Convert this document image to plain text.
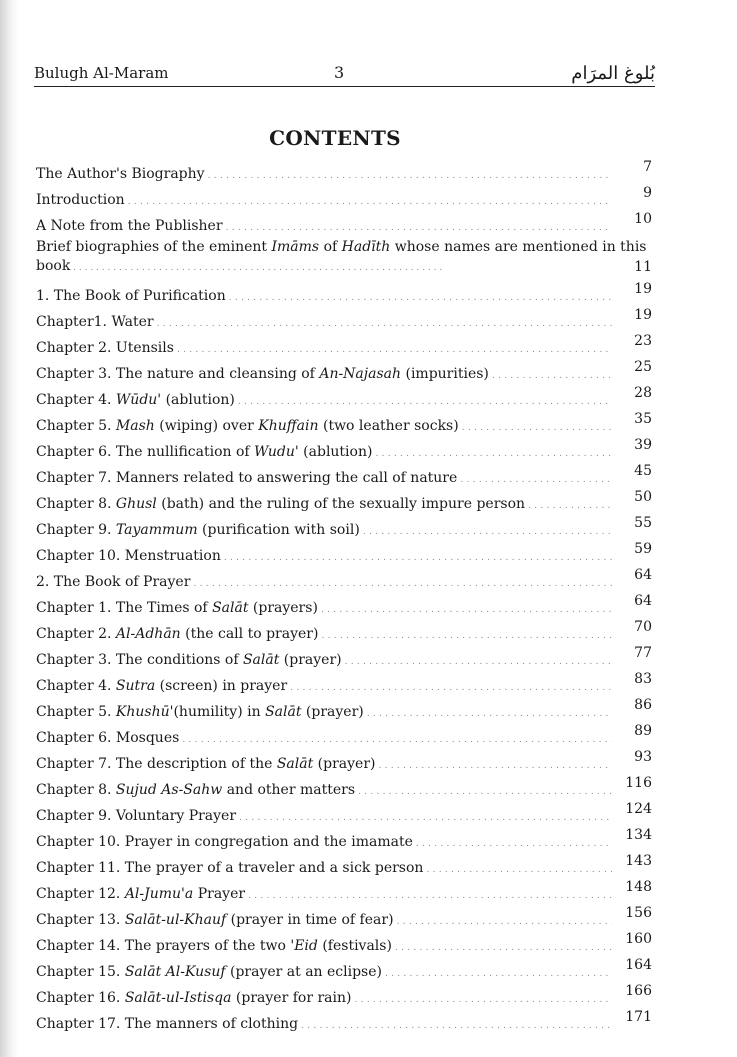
Bulugh Al-Maram	3	بُلوغ المرَام
CONTENTS
The Author's Biography . . .	7
Introduction . . .	9
A Note from the Publisher . . .	10
Brief biographies of the eminent Imāms of Hadīth whose names are mentioned in this book . . .	11
1. The Book of Purification . . .	19
Chapter1. Water . . .	19
Chapter 2. Utensils . . .	23
Chapter 3. The nature and cleansing of An-Najasah (impurities) . . .	25
Chapter 4. Wūdu' (ablution) . . .	28
Chapter 5. Mash (wiping) over Khuffain (two leather socks) . . .	35
Chapter 6. The nullification of Wudu' (ablution) . . .	39
Chapter 7. Manners related to answering the call of nature . . .	45
Chapter 8. Ghusl (bath) and the ruling of the sexually impure person . . .	50
Chapter 9. Tayammum (purification with soil) . . .	55
Chapter 10. Menstruation . . .	59
2. The Book of Prayer . . .	64
Chapter 1. The Times of Salāt (prayers) . . .	64
Chapter 2. Al-Adhān (the call to prayer) . . .	70
Chapter 3. The conditions of Salāt (prayer) . . .	77
Chapter 4. Sutra (screen) in prayer . . .	83
Chapter 5. Khushū'(humility) in Salāt (prayer) . . .	86
Chapter 6. Mosques . . .	89
Chapter 7. The description of the Salāt (prayer) . . .	93
Chapter 8. Sujud As-Sahw and other matters . . .	116
Chapter 9. Voluntary Prayer . . .	124
Chapter 10. Prayer in congregation and the imamate . . .	134
Chapter 11. The prayer of a traveler and a sick person . . .	143
Chapter 12. Al-Jumu'a Prayer . . .	148
Chapter 13. Salāt-ul-Khauf (prayer in time of fear) . . .	156
Chapter 14. The prayers of the two 'Eid (festivals) . . .	160
Chapter 15. Salāt Al-Kusuf (prayer at an eclipse) . . .	164
Chapter 16. Salāt-ul-Istisqa (prayer for rain) . . .	166
Chapter 17. The manners of clothing . . .	171
